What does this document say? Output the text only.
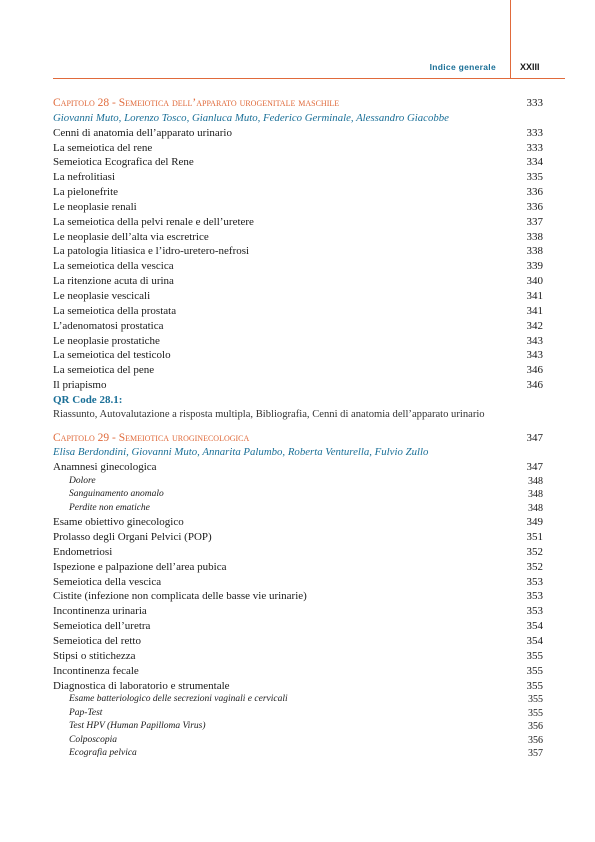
Indice generale	XXIII
Capitolo 28 - Semeiotica dell’apparato urogenitale maschile	333
Giovanni Muto, Lorenzo Tosco, Gianluca Muto, Federico Germinale, Alessandro Giacobbe
Cenni di anatomia dell’apparato urinario	333
La semeiotica del rene	333
Semeiotica Ecografica del Rene	334
La nefrolitiasi	335
La pielonefrite	336
Le neoplasie renali	336
La semeiotica della pelvi renale e dell’uretere	337
Le neoplasie dell’alta via escretrice	338
La patologia litiasica e l’idro-uretero-nefrosi	338
La semeiotica della vescica	339
La ritenzione acuta di urina	340
Le neoplasie vescicali	341
La semeiotica della prostata	341
L’adenomatosi prostatica	342
Le neoplasie prostatiche	343
La semeiotica del testicolo	343
La semeiotica del pene	346
Il priapismo	346
QR Code 28.1:
Riassunto, Autovalutazione a risposta multipla, Bibliografia, Cenni di anatomia dell’apparato urinario
Capitolo 29 - Semeiotica uroginecologica	347
Elisa Berdondini, Giovanni Muto, Annarita Palumbo, Roberta Venturella, Fulvio Zullo
Anamnesi ginecologica	347
Dolore	348
Sanguinamento anomalo	348
Perdite non ematiche	348
Esame obiettivo ginecologico	349
Prolasso degli Organi Pelvici (POP)	351
Endometriosi	352
Ispezione e palpazione dell’area pubica	352
Semeiotica della vescica	353
Cistite (infezione non complicata delle basse vie urinarie)	353
Incontinenza urinaria	353
Semeiotica dell’uretra	354
Semeiotica del retto	354
Stipsi o stitichezza	355
Incontinenza fecale	355
Diagnostica di laboratorio e strumentale	355
Esame batteriologico delle secrezioni vaginali e cervicali	355
Pap-Test	355
Test HPV (Human Papilloma Virus)	356
Colposcopia	356
Ecografia pelvica	357
